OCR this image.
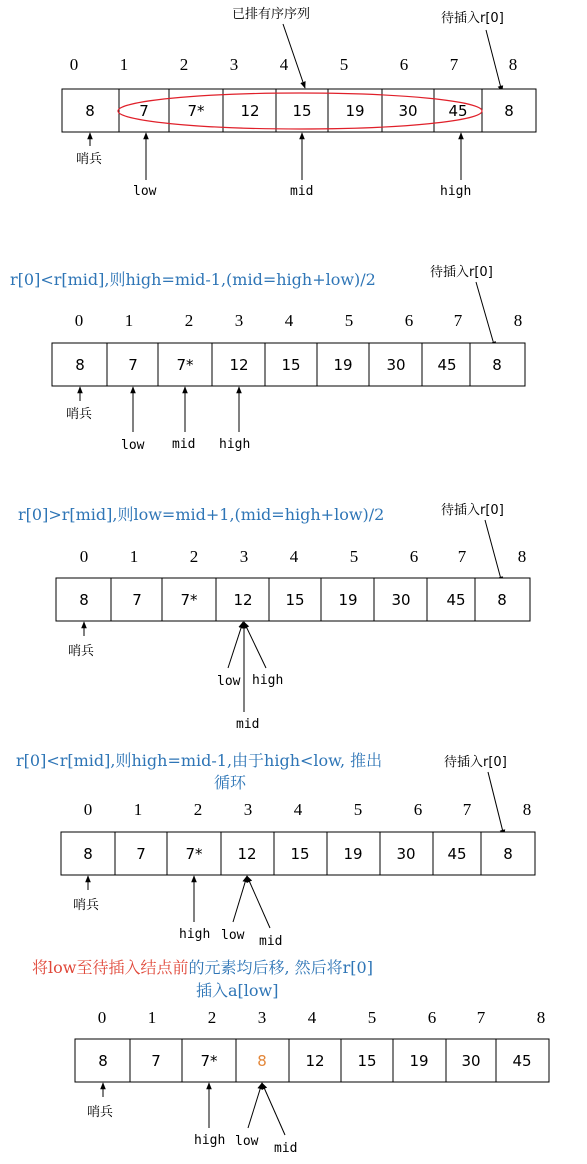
已排有序序列	待插入r[0]
0 1	2 3 4	5	6 7	8
8	7	7* 12 15 19 30 45 8
哨兵
low	mid	high
r[0]<r[mid],则high=mid-1,(mid=high+low)/2	待插入r[0]
0 1	2 3 4	5	6 7	8
8	7	7* 12 15 19 30 45 8
哨兵
low mid high
r[0]>r[mid],则low=mid+1,(mid=high+low)/2	待插入r[0]
0 1	2 3 4	5	6 7	8
8	7	7* 12 15 19 30 45 8
哨兵
low high
mid
r[0]<r[mid],则high=mid-1,由于high<low, 推出
循环
待插入r[0]
0 1	2 3 4	5	6 7	8
8	7	7* 12 15 19 30 45 8
哨兵
high low mid
将low至待插入结点前的元素均后移, 然后将r[0]
插入a[low]
0 1	2 3 4	5	6 7	8
8	7	7*	8	12 15 19 30 45
哨兵
high low mid
